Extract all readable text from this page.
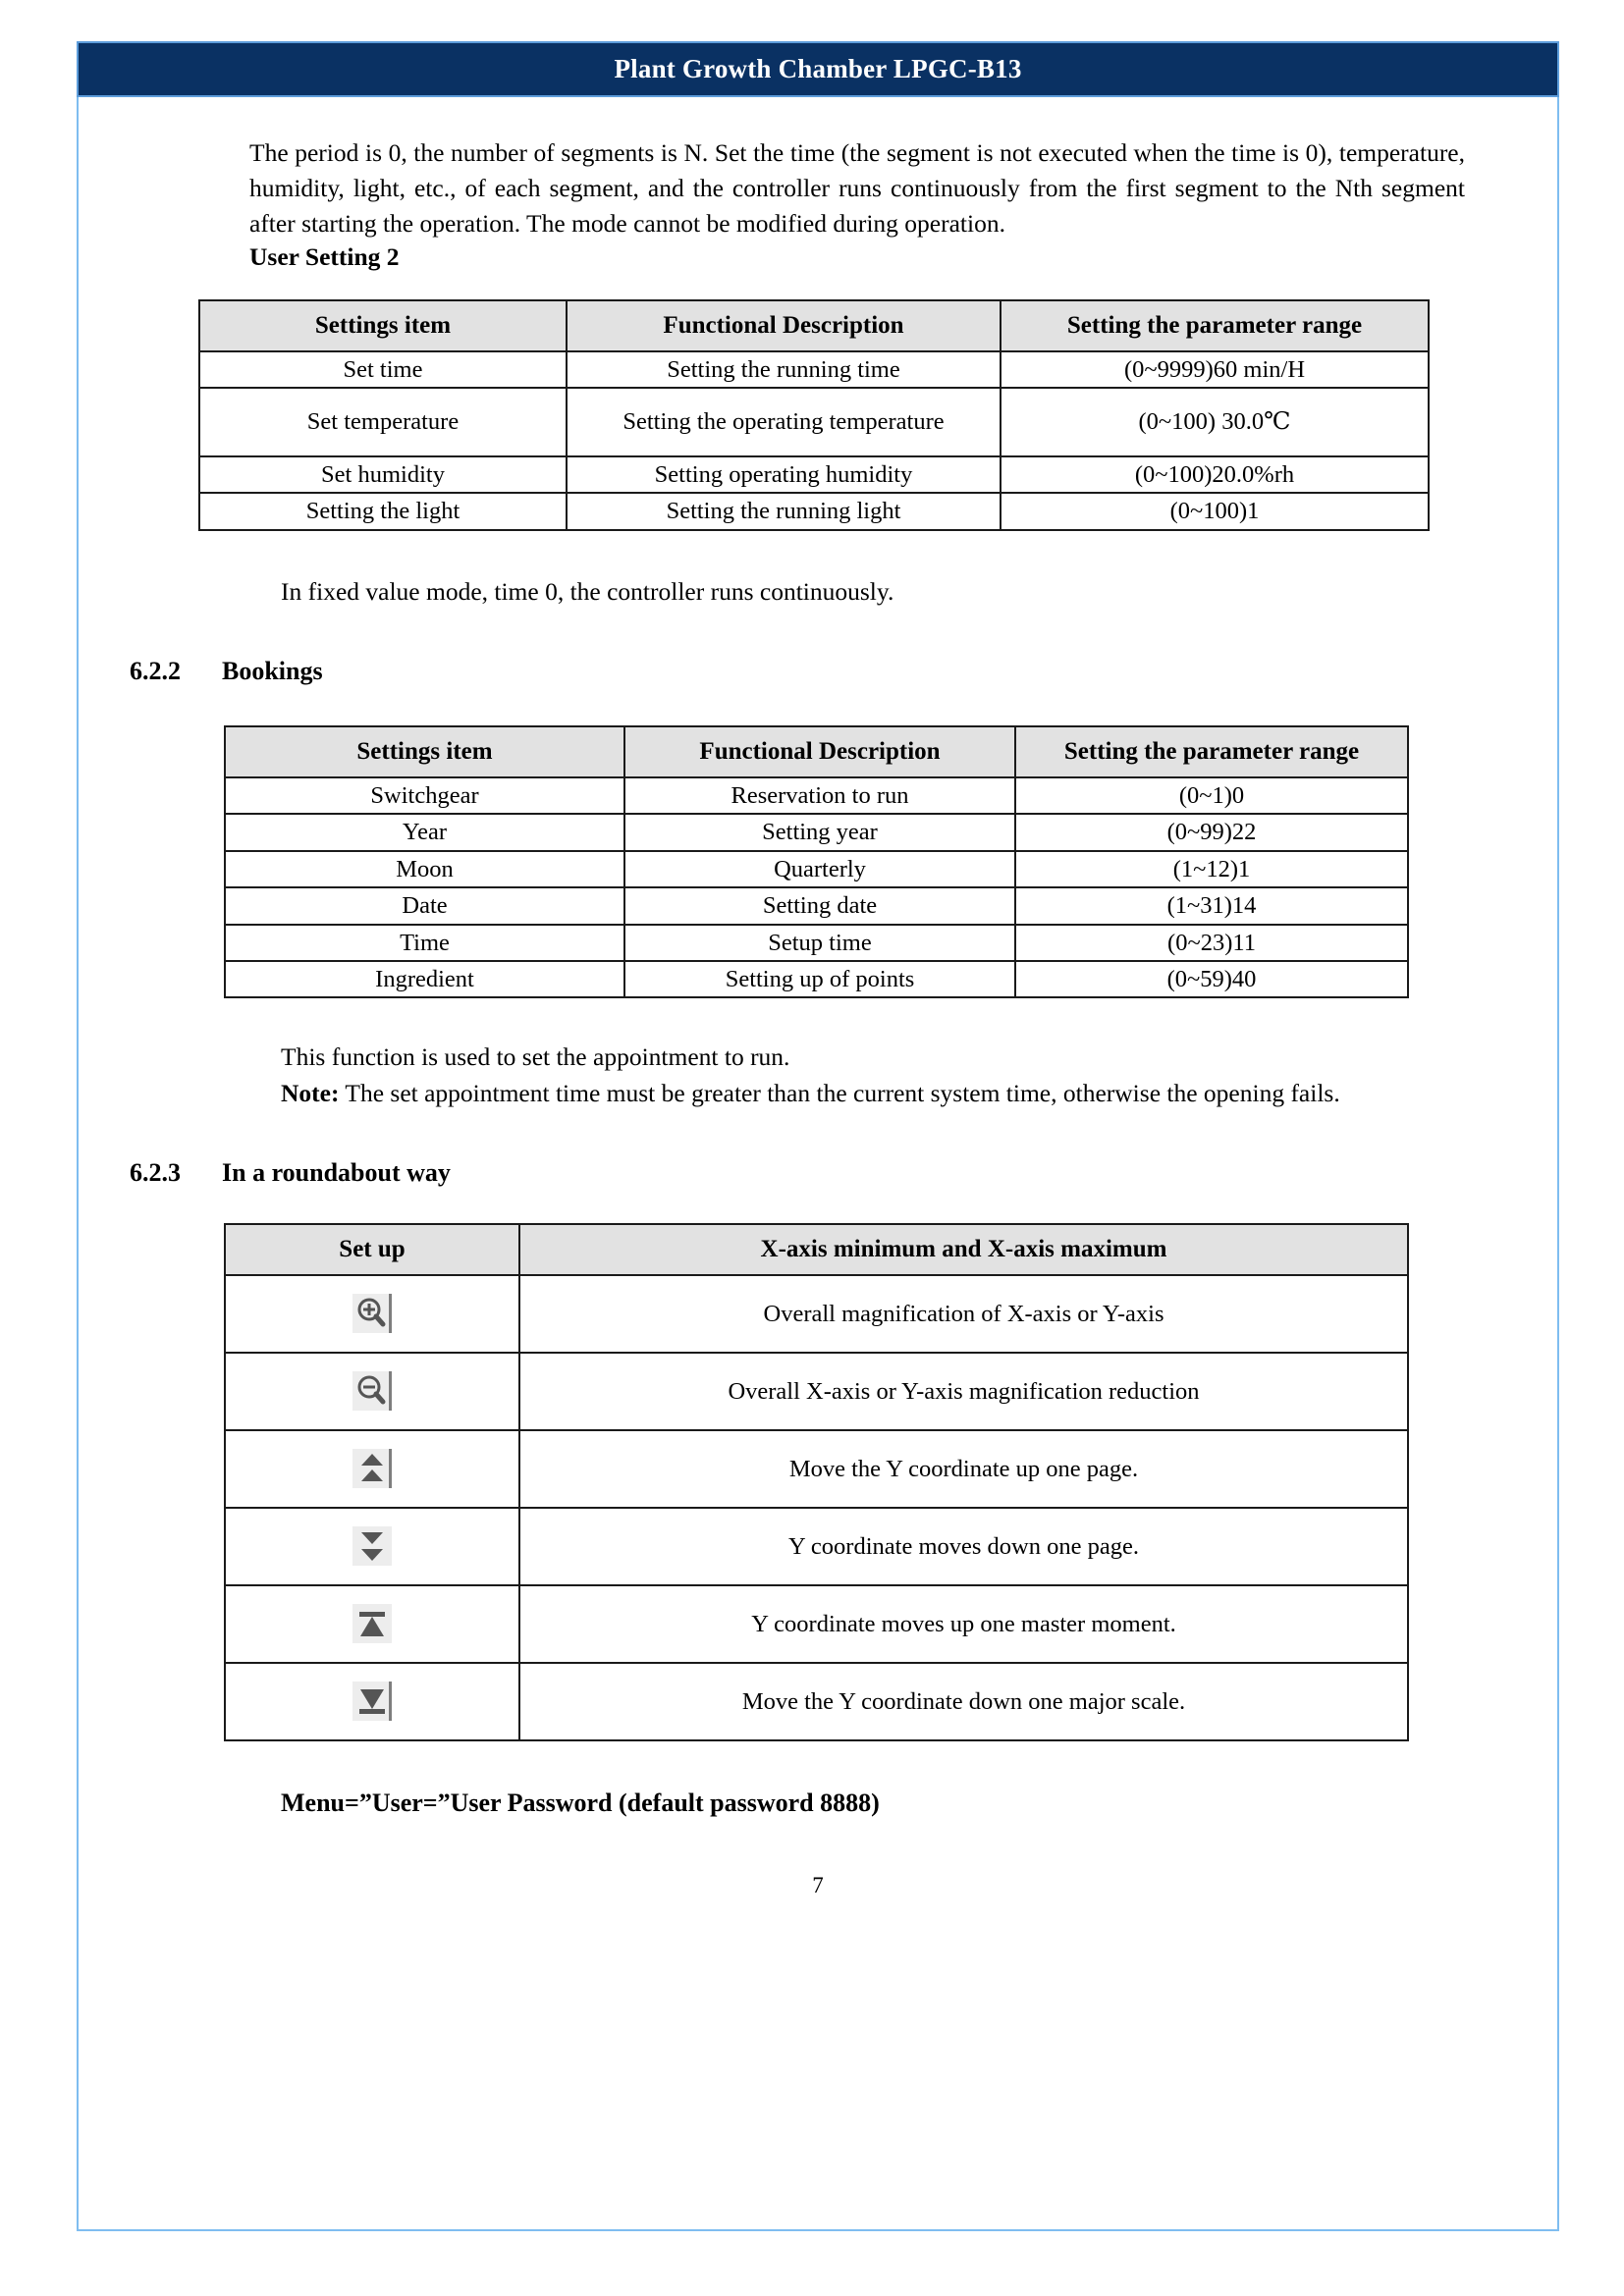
Plant Growth Chamber LPGC-B13

The period is 0, the number of segments is N. Set the time (the segment is not executed when the time is 0), temperature, humidity, light, etc., of each segment, and the controller runs continuously from the first segment to the Nth segment after starting the operation. The mode cannot be modified during operation.

User Setting 2
Settings item	Functional Description	Setting the parameter range
Set time	Setting the running time	(0~9999)60 min/H
Set temperature	Setting the operating temperature	(0~100) 30.0℃
Set humidity	Setting operating humidity	(0~100)20.0%rh
Setting the light	Setting the running light	(0~100)1

In fixed value mode, time 0, the controller runs continuously.

6.2.2	Bookings
Settings item	Functional Description	Setting the parameter range
Switchgear	Reservation to run	(0~1)0
Year	Setting year	(0~99)22
Moon	Quarterly	(1~12)1
Date	Setting date	(1~31)14
Time	Setup time	(0~23)11
Ingredient	Setting up of points	(0~59)40

This function is used to set the appointment to run.

Note: The set appointment time must be greater than the current system time, otherwise the opening fails.

6.2.3	In a roundabout way
Set up	X-axis minimum and X-axis maximum

	Overall magnification of X-axis or Y-axis

	Overall X-axis or Y-axis magnification reduction

	Move the Y coordinate up one page.

	Y coordinate moves down one page.

	Y coordinate moves up one master moment.

	Move the Y coordinate down one major scale.
Menu=”User=”User Password (default password 8888)
7
